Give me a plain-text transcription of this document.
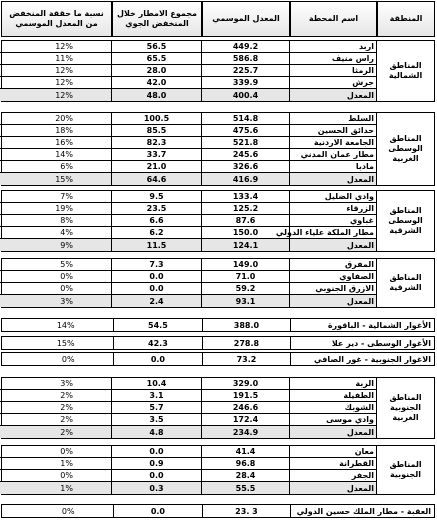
المنطقة
اسم المحطة
المعدل الموسمي
مجموع الامطار خلال المنخفض الجوي
نسبة ما حققة المنخفض من المعدل الموسمي
المناطق الشمالية
اربد
449.2
56.5
12%
راس منيف
586.8
65.5
11%
الرمثا
225.7
28.0
12%
جرش
339.9
42.0
12%
المعدل
400.4
48.0
12%
المناطق الوسطى الغربية
السلط
514.8
100.5
20%
حدائق الحسين
475.6
85.5
18%
الجامعة الاردنية
521.8
82.3
16%
مطار عمان المدني
245.6
33.7
14%
مادبا
326.6
21.0
6%
المعدل
416.9
64.6
15%
المناطق الوسطى الشرقية
وادي الضليل
133.4
9.5
7%
الزرقاء
125.2
23.5
19%
غباوي
87.6
6.6
8%
مطار الملكة علياء الدولي
150.0
6.2
4%
المعدل
124.1
11.5
9%
المناطق الشرقية
المفرق
149.0
7.3
5%
الصفاوي
71.0
0.0
0%
الازرق الجنوبي
59.2
0.0
0%
المعدل
93.1
2.4
3%
الأغوار الشمالية - الباقورة
388.0
54.5
14%
الأغوار الوسطى - دير علا
278.8
42.3
15%
الاغوار الجنوبية - غور الصافي
73.2
0.0
0%
المناطق الجنوبية الغربية
الربة
329.0
10.4
3%
الطفيلة
191.5
3.1
2%
الشوبك
246.6
5.7
2%
وادي موسى
172.4
3.5
2%
المعدل
234.9
4.8
2%
المناطق الجنوبية
معان
41.4
0.0
0%
القطرانة
96.8
0.9
1%
الجفر
28.4
0.0
0%
المعدل
55.5
0.3
1%
العقبة - مطار الملك حسين الدولي
3 .23
0.0
0%
